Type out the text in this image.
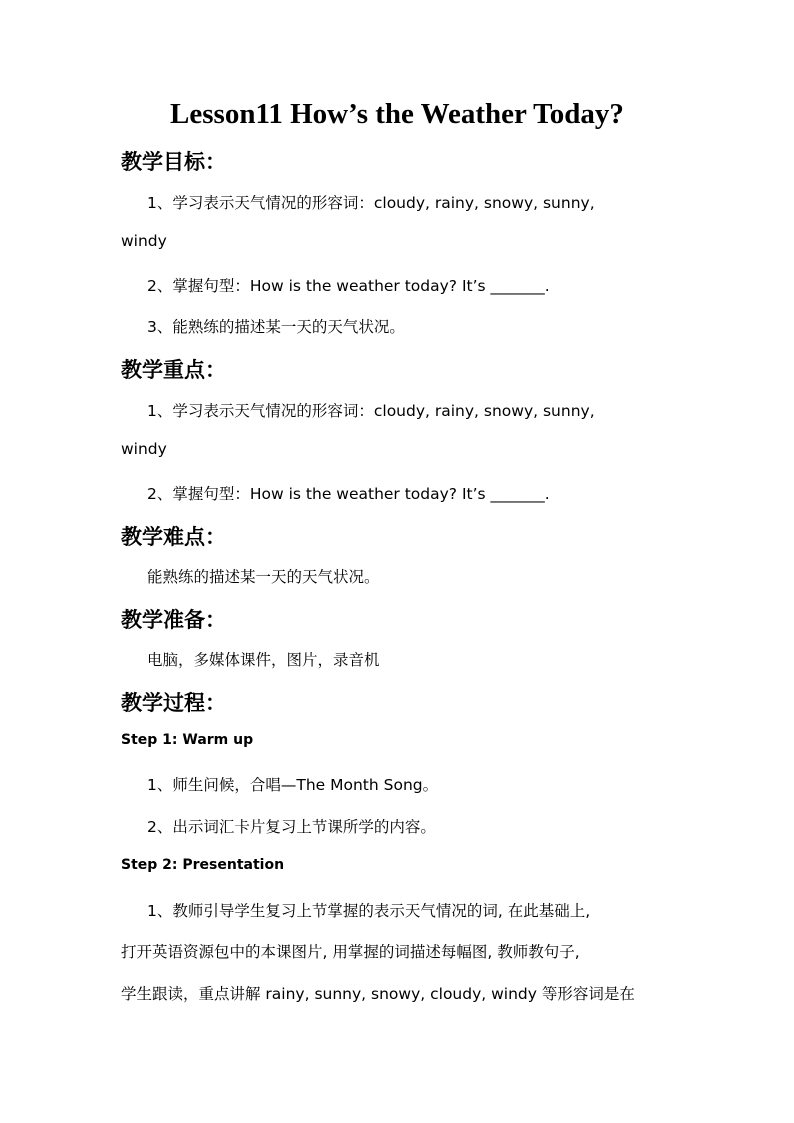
Lesson11 How’s the Weather Today?
教学目标：
1、学习表示天气情况的形容词：cloudy, rainy, snowy, sunny,
windy
2、掌握句型：How is the weather today? It’s _______.
3、能熟练的描述某一天的天气状况。
教学重点：
1、学习表示天气情况的形容词：cloudy, rainy, snowy, sunny,
windy
2、掌握句型：How is the weather today? It’s _______.
教学难点：
能熟练的描述某一天的天气状况。
教学准备：
电脑，多媒体课件，图片，录音机
教学过程：
Step 1: Warm up
1、师生问候，合唱—The Month Song。
2、出示词汇卡片复习上节课所学的内容。
Step 2: Presentation
1、教师引导学生复习上节掌握的表示天气情况的词, 在此基础上,
打开英语资源包中的本课图片, 用掌握的词描述每幅图, 教师教句子,
学生跟读，重点讲解 rainy, sunny, snowy, cloudy, windy 等形容词是在
